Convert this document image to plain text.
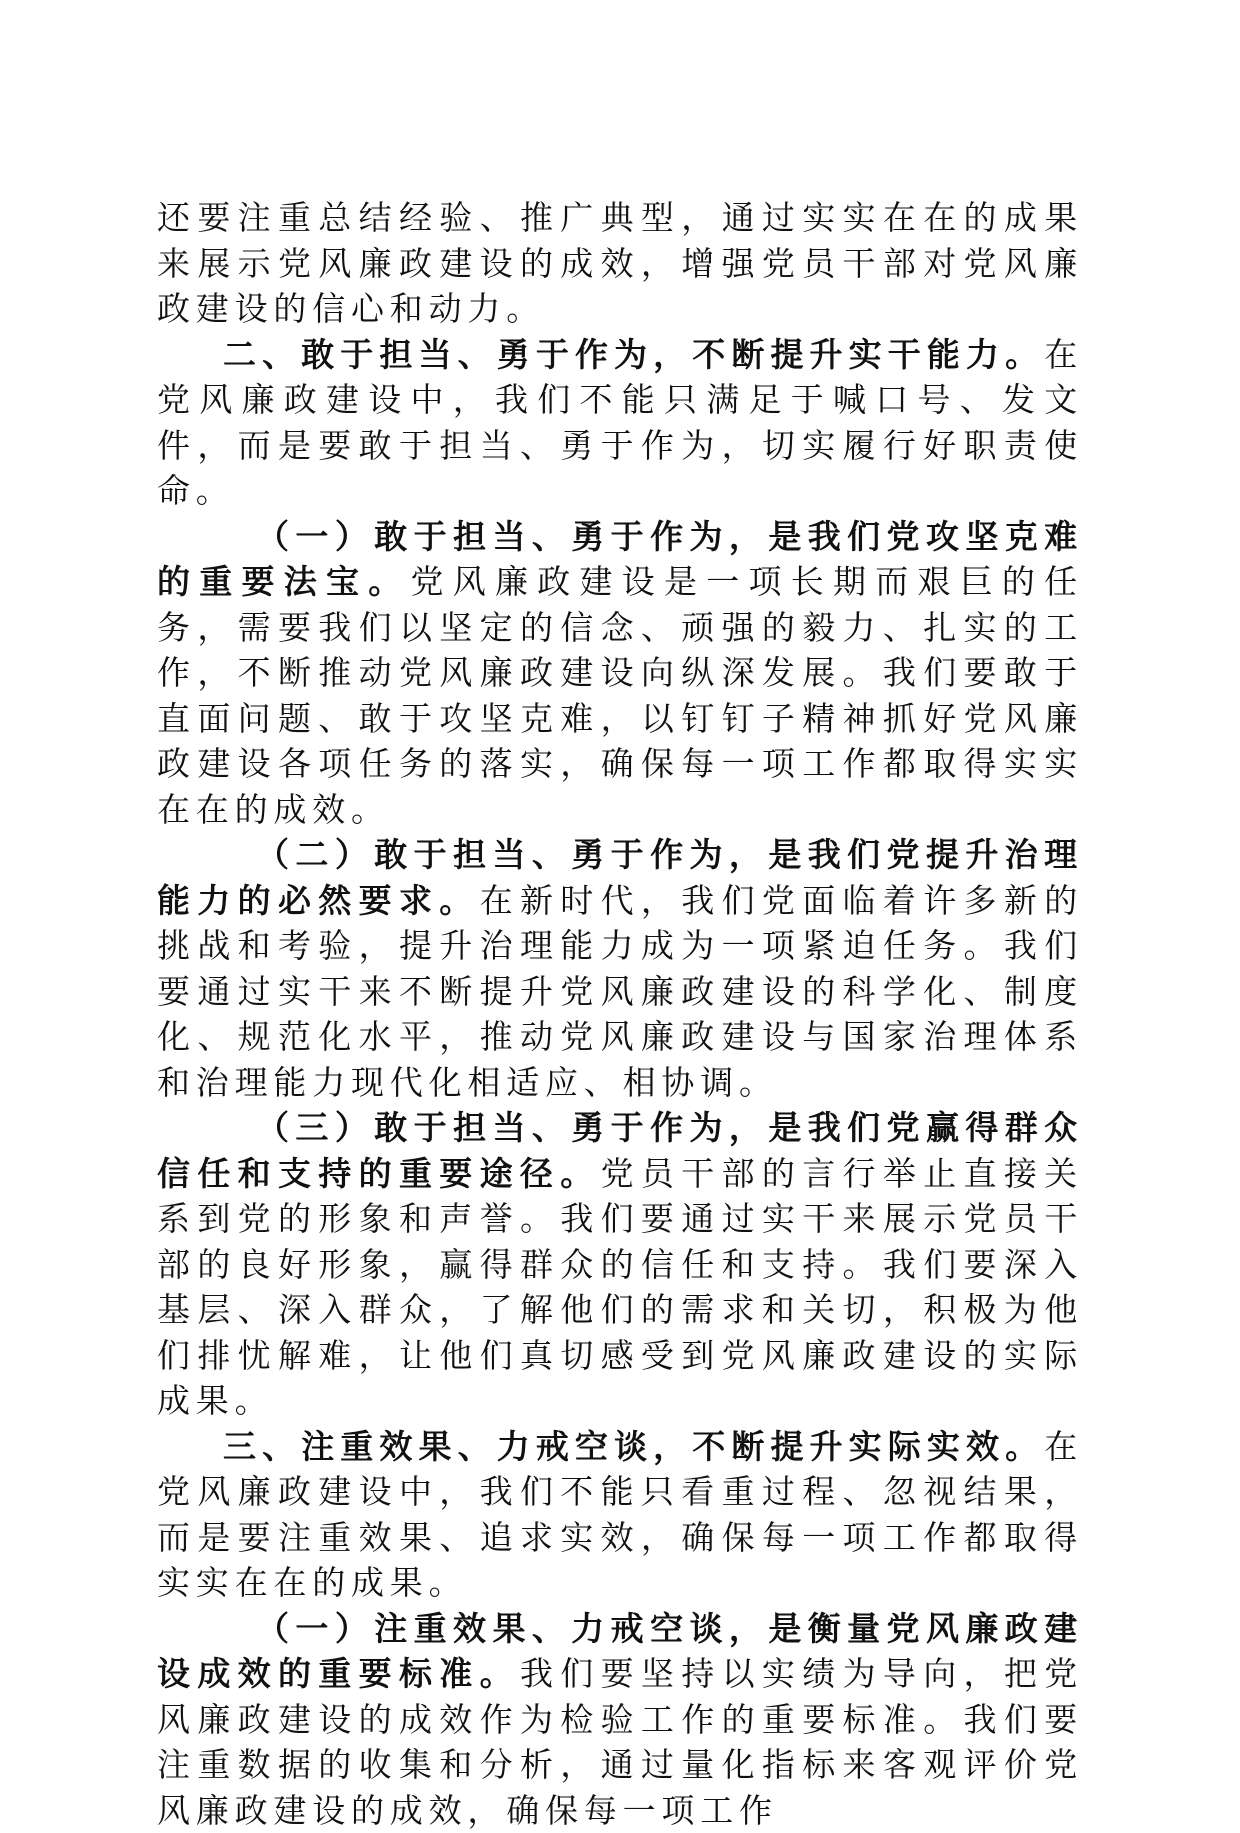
还要注重总结经验、推广典型，通过实实在在的成果来展示党风廉政建设的成效，增强党员干部对党风廉政建设的信心和动力。

二、敢于担当、勇于作为，不断提升实干能力。在党风廉政建设中，我们不能只满足于喊口号、发文件，而是要敢于担当、勇于作为，切实履行好职责使命。

（一）敢于担当、勇于作为，是我们党攻坚克难的重要法宝。党风廉政建设是一项长期而艰巨的任务，需要我们以坚定的信念、顽强的毅力、扎实的工作，不断推动党风廉政建设向纵深发展。我们要敢于直面问题、敢于攻坚克难，以钉钉子精神抓好党风廉政建设各项任务的落实，确保每一项工作都取得实实在在的成效。

（二）敢于担当、勇于作为，是我们党提升治理能力的必然要求。在新时代，我们党面临着许多新的挑战和考验，提升治理能力成为一项紧迫任务。我们要通过实干来不断提升党风廉政建设的科学化、制度化、规范化水平，推动党风廉政建设与国家治理体系和治理能力现代化相适应、相协调。

（三）敢于担当、勇于作为，是我们党赢得群众信任和支持的重要途径。党员干部的言行举止直接关系到党的形象和声誉。我们要通过实干来展示党员干部的良好形象，赢得群众的信任和支持。我们要深入基层、深入群众，了解他们的需求和关切，积极为他们排忧解难，让他们真切感受到党风廉政建设的实际成果。

三、注重效果、力戒空谈，不断提升实际实效。在党风廉政建设中，我们不能只看重过程、忽视结果，而是要注重效果、追求实效，确保每一项工作都取得实实在在的成果。

（一）注重效果、力戒空谈，是衡量党风廉政建设成效的重要标准。我们要坚持以实绩为导向，把党风廉政建设的成效作为检验工作的重要标准。我们要注重数据的收集和分析，通过量化指标来客观评价党风廉政建设的成效，确保每一项工作
